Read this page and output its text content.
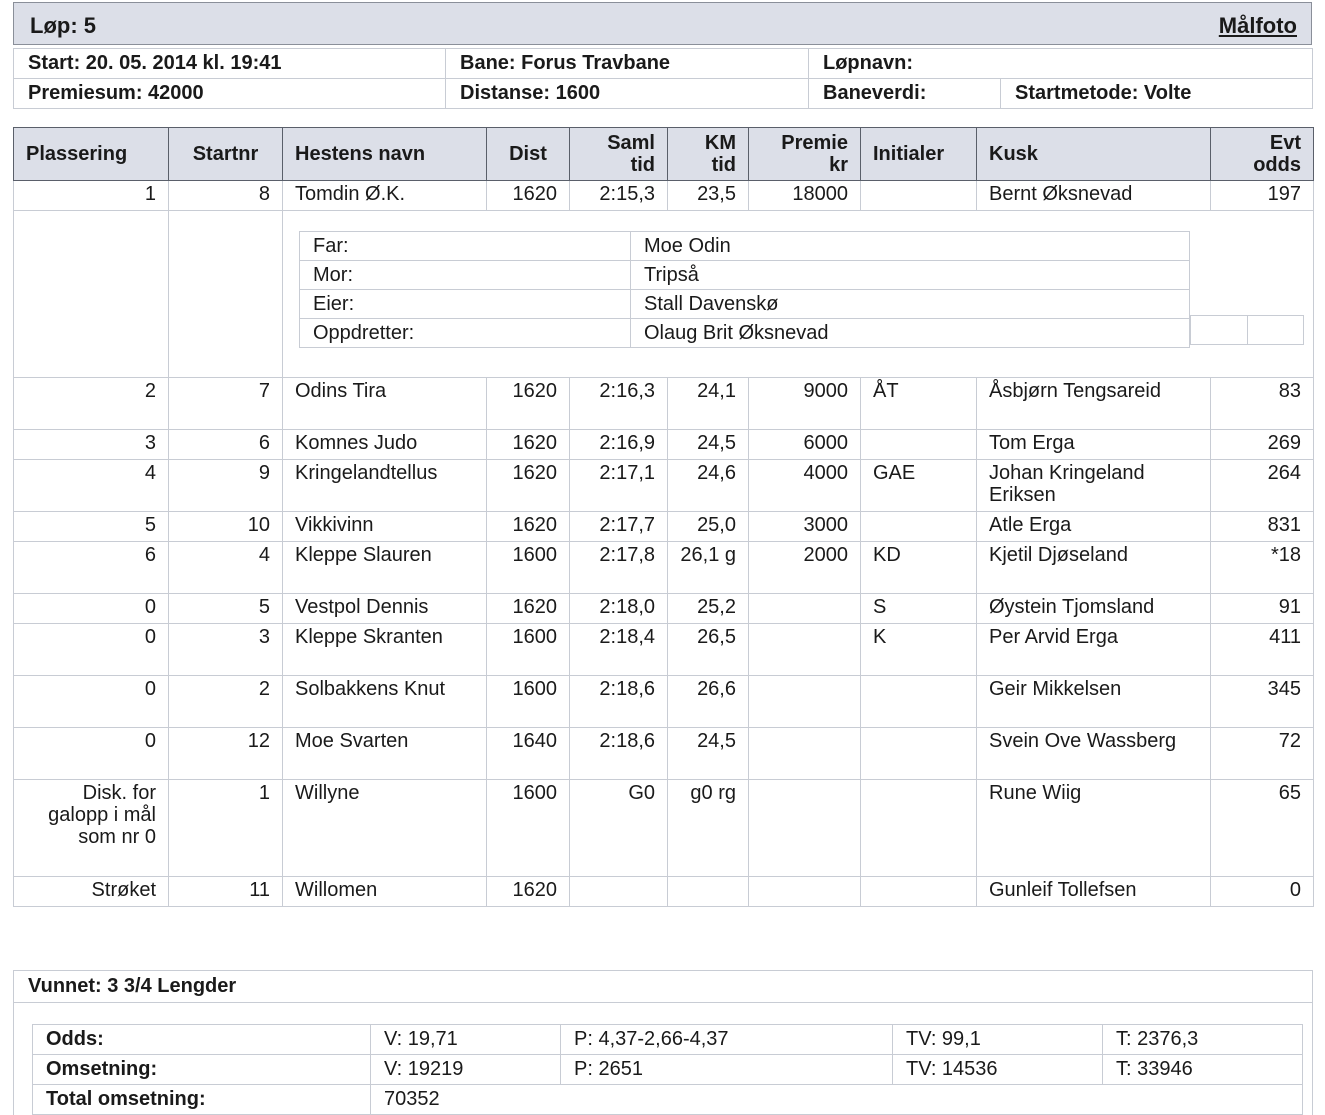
Løp: 5	Målfoto
Start: 20. 05. 2014 kl. 19:41	Bane: Forus Travbane	Løpnavn:	
Premiesum: 42000	Distanse: 1600	Baneverdi:	Startmetode: Volte
Plassering	Startnr	Hestens navn	Dist	Saml tid	KM tid	Premie kr	Initialer	Kusk	Evt odds
1	8	Tomdin Ø.K.	1620	2:15,3	23,5	18000		Bernt Øksnevad	197

Far:	Moe Odin
Mor:	Tripså
Eier:	Stall Davenskø
Oppdretter:	Olaug Brit Øksnevad

2	7	Odins Tira	1620	2:16,3	24,1	9000	ÅT	Åsbjørn Tengsareid	83
3	6	Komnes Judo	1620	2:16,9	24,5	6000		Tom Erga	269
4	9	Kringelandtellus	1620	2:17,1	24,6	4000	GAE	Johan Kringeland Eriksen	264
5	10	Vikkivinn	1620	2:17,7	25,0	3000		Atle Erga	831
6	4	Kleppe Slauren	1600	2:17,8	26,1 g	2000	KD	Kjetil Djøseland	*18
0	5	Vestpol Dennis	1620	2:18,0	25,2		S	Øystein Tjomsland	91
0	3	Kleppe Skranten	1600	2:18,4	26,5		K	Per Arvid Erga	411
0	2	Solbakkens Knut	1600	2:18,6	26,6			Geir Mikkelsen	345
0	12	Moe Svarten	1640	2:18,6	24,5			Svein Ove Wassberg	72
Disk. for galopp i mål som nr 0	1	Willyne	1600	G0	g0 rg			Rune Wiig	65
Strøket	11	Willomen	1620					Gunleif Tollefsen	0
Vunnet: 3 3/4 Lengder
Odds:	V: 19,71	P: 4,37-2,66-4,37	TV: 99,1	T: 2376,3
Omsetning:	V: 19219	P: 2651	TV: 14536	T: 33946
Total omsetning:	70352			
